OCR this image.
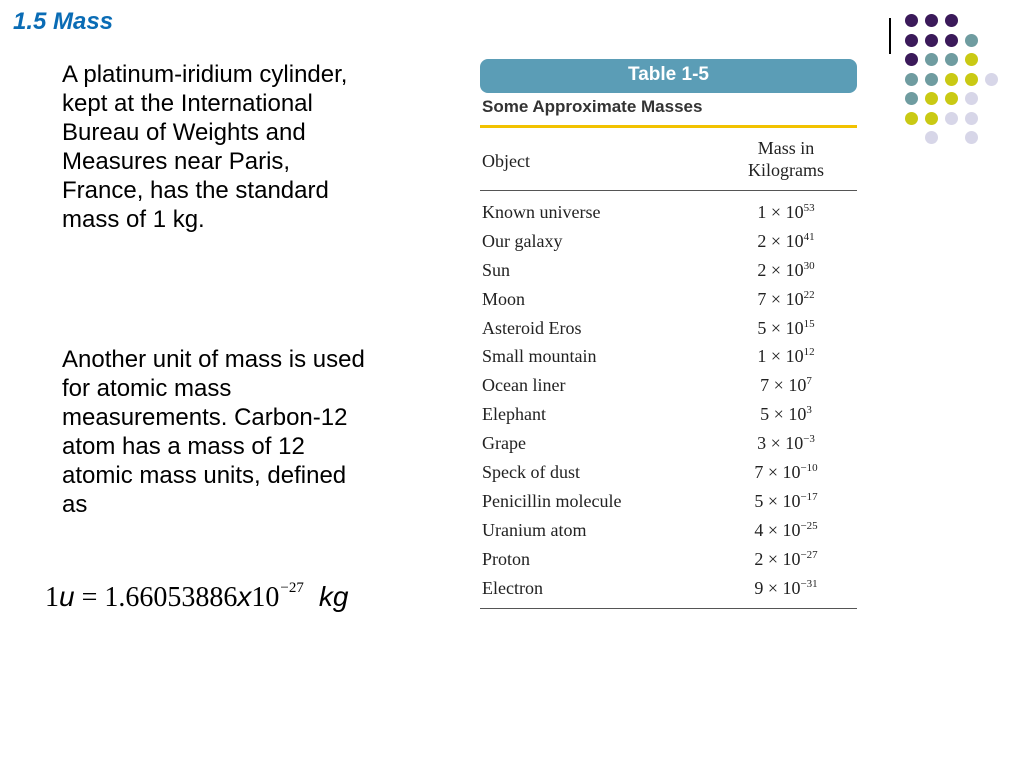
1.5 Mass

A platinum-iridium cylinder, kept at the International Bureau of Weights and Measures near Paris, France, has the standard mass of 1 kg.

Another unit of mass is used for atomic mass measurements. Carbon-12 atom has a mass of 12 atomic mass units, defined as

$1u = 1.66053886x10^{-27}$ kg
Table 1-5
Some Approximate Masses
Object
Mass in
Kilograms
Known universe	$1 \times 10^{53}$
Our galaxy	$2 \times 10^{41}$
Sun	$2 \times 10^{30}$
Moon	$7 \times 10^{22}$
Asteroid Eros	$5 \times 10^{15}$
Small mountain	$1 \times 10^{12}$
Ocean liner	$7 \times 10^7$
Elephant	$5 \times 10^3$
Grape	$3 \times 10^{-3}$
Speck of dust	$7 \times 10^{-10}$
Penicillin molecule	$5 \times 10^{-17}$
Uranium atom	$4 \times 10^{-25}$
Proton	$2 \times 10^{-27}$
Electron	$9 \times 10^{-31}$
